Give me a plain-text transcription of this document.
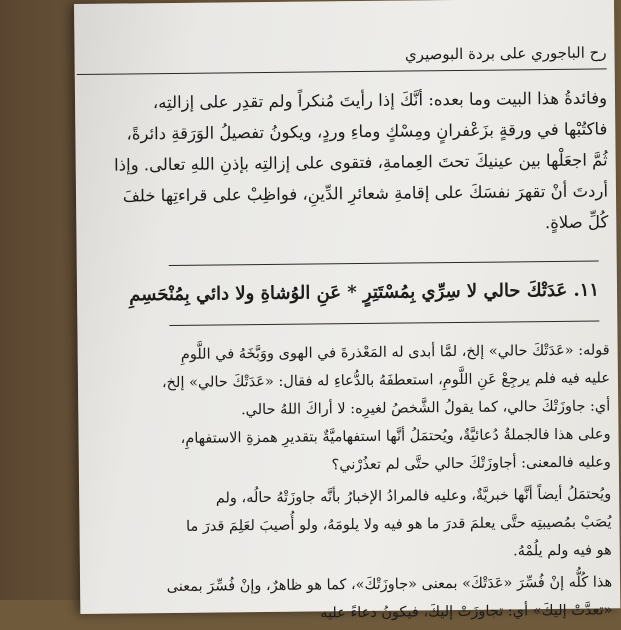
رح الباجوري على بردة البوصيري
وفائدةُ هذا البيت وما بعده: أنَّكَ إذا رأيتَ مُنكراً ولم تقدِر على إزالتِه،
فاكتُبْها في ورقةٍ بزَعْفرانٍ ومِسْكٍ وماءِ وردٍ، ويكونُ تفصيلُ الوَرَقةِ دائرةً،
ثُمَّ اجعَلْها بين عينيكَ تحتَ العِمامةِ، فتقوى على إزالتِه بإذنِ اللهِ تعالى. وإذا
أردتَ أنْ تقهرَ نفسَكَ على إقامةِ شعائرِ الدِّينِ، فواظِبْ على قراءتِها خلفَ
كُلِّ صلاةٍ.
١١. عَدَتْكَ حالي لا سِرِّي بِمُسْتَتِرٍ * عَنِ الوُشاةِ ولا دائي بِمُنْحَسِمِ
قوله: «عَدَتْكَ حالي» إلخ، لمَّا أبدى له المَعْذرةَ في الهوى ووَبَّخَهُ في اللَّومِ
عليه فيه فلم يرجِعْ عَنِ اللَّومِ، استعطفَهُ بالدُّعاءِ له فقال: «عَدَتْكَ حالي» إلخ،
أي: جاوزَتْكَ حالي، كما يقولُ الشَّخصُ لغيرِه: لا أراكَ اللهُ حالي.
وعلى هذا فالجملةُ دُعائيَّةٌ، ويُحتمَلُ أنَّها استفهاميَّةٌ بتقديرِ همزةِ الاستفهامِ،
وعليه فالمعنى: أجاوزَتْكَ حالي حتَّى لم تعذُرْني؟
ويُحتمَلُ أيضاً أنَّها خبريَّةٌ، وعليه فالمرادُ الإخبارُ بأنَّه جاوزَتْهُ حالُه، ولم
يُصَبْ بمُصيبتِه حتَّى يعلمَ قدرَ ما هو فيه ولا يلومَهُ، ولو أُصيبَ لعَلِمَ قدرَ ما
هو فيه ولم يلُمْهُ.
هذا كُلُّه إنْ فُسِّرَ «عَدَتْكَ» بمعنى «جاوزَتْكَ»، كما هو ظاهرٌ، وإنْ فُسِّرَ بمعنى
«تعدَّتْ إليكَ» أي: تجاوزَتْ إليكَ، فيكونُ دعاءً عليه
